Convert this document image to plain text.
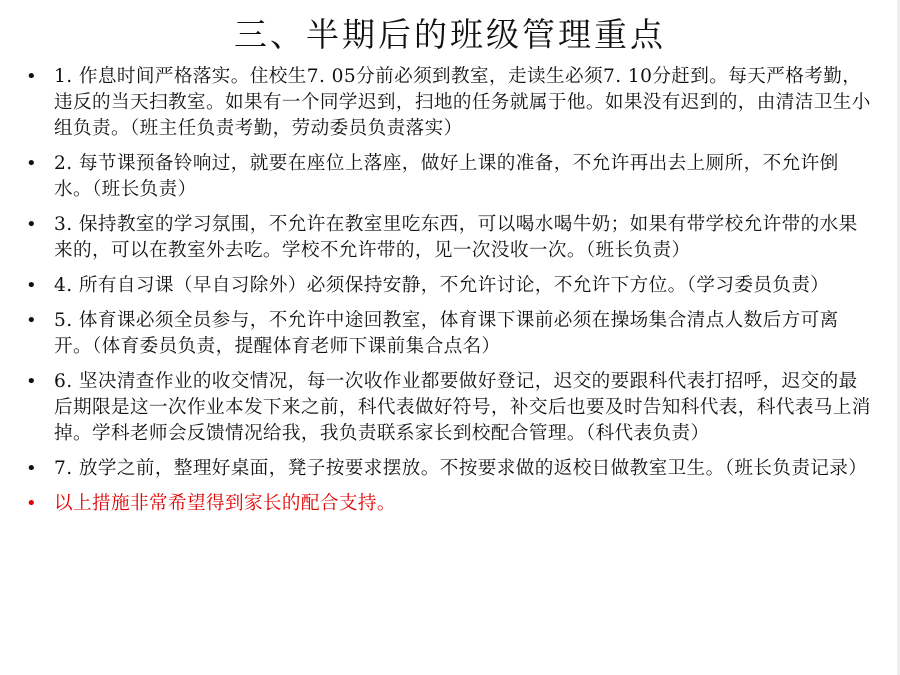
三、半期后的班级管理重点
• 1. 作息时间严格落实。住校生7. 05分前必须到教室，走读生必须7. 10分赶到。每天严格考勤，违反的当天扫教室。如果有一个同学迟到，扫地的任务就属于他。如果没有迟到的，由清洁卫生小组负责。（班主任负责考勤，劳动委员负责落实）
• 2. 每节课预备铃响过，就要在座位上落座，做好上课的准备，不允许再出去上厕所，不允许倒水。（班长负责）
• 3. 保持教室的学习氛围，不允许在教室里吃东西，可以喝水喝牛奶；如果有带学校允许带的水果来的，可以在教室外去吃。学校不允许带的，见一次没收一次。（班长负责）
• 4. 所有自习课（早自习除外）必须保持安静，不允许讨论，不允许下方位。（学习委员负责）
• 5. 体育课必须全员参与，不允许中途回教室，体育课下课前必须在操场集合清点人数后方可离开。（体育委员负责，提醒体育老师下课前集合点名）
• 6. 坚决清查作业的收交情况，每一次收作业都要做好登记，迟交的要跟科代表打招呼，迟交的最后期限是这一次作业本发下来之前，科代表做好符号，补交后也要及时告知科代表，科代表马上消掉。学科老师会反馈情况给我，我负责联系家长到校配合管理。（科代表负责）
• 7. 放学之前，整理好桌面，凳子按要求摆放。不按要求做的返校日做教室卫生。（班长负责记录）
• 以上措施非常希望得到家长的配合支持。
